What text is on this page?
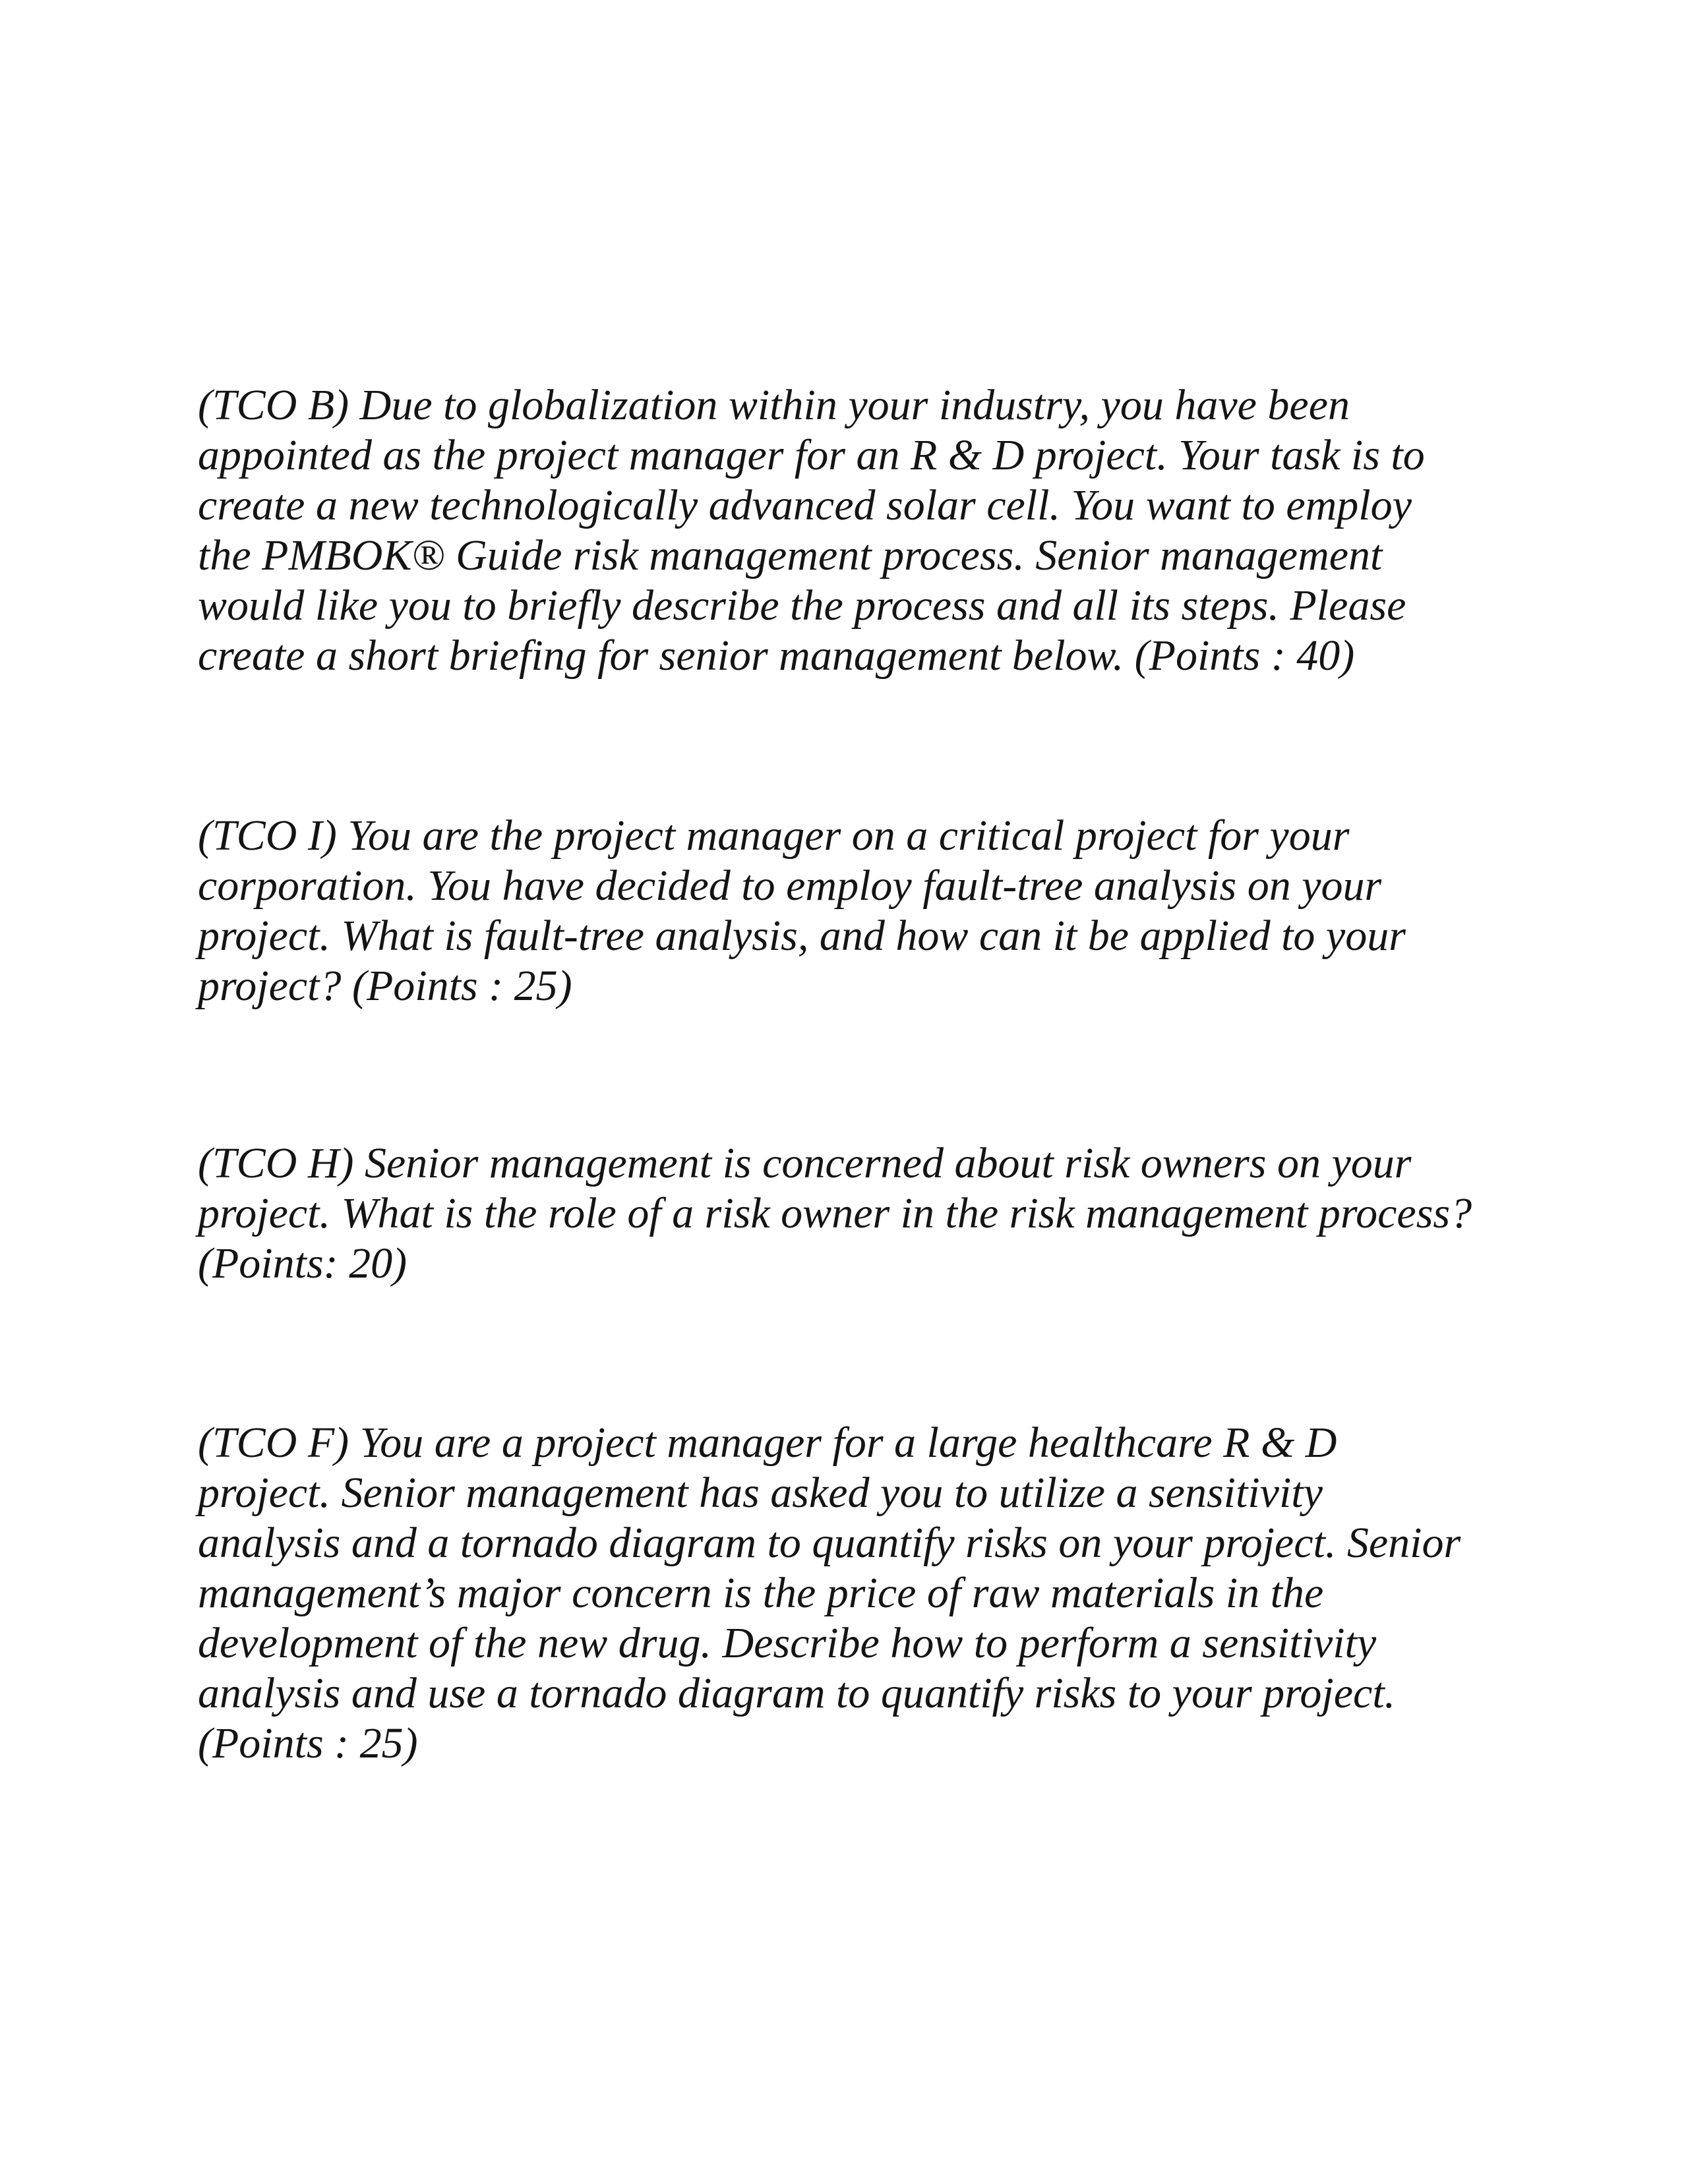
(TCO B) Due to globalization within your industry, you have been
appointed as the project manager for an R & D project. Your task is to
create a new technologically advanced solar cell. You want to employ
the PMBOK® Guide risk management process. Senior management
would like you to briefly describe the process and all its steps. Please
create a short briefing for senior management below. (Points : 40)
(TCO I) You are the project manager on a critical project for your
corporation. You have decided to employ fault-tree analysis on your
project. What is fault-tree analysis, and how can it be applied to your
project? (Points : 25)
(TCO H) Senior management is concerned about risk owners on your
project. What is the role of a risk owner in the risk management process?
(Points: 20)
(TCO F) You are a project manager for a large healthcare R & D
project. Senior management has asked you to utilize a sensitivity
analysis and a tornado diagram to quantify risks on your project. Senior
management’s major concern is the price of raw materials in the
development of the new drug. Describe how to perform a sensitivity
analysis and use a tornado diagram to quantify risks to your project.
(Points : 25)
